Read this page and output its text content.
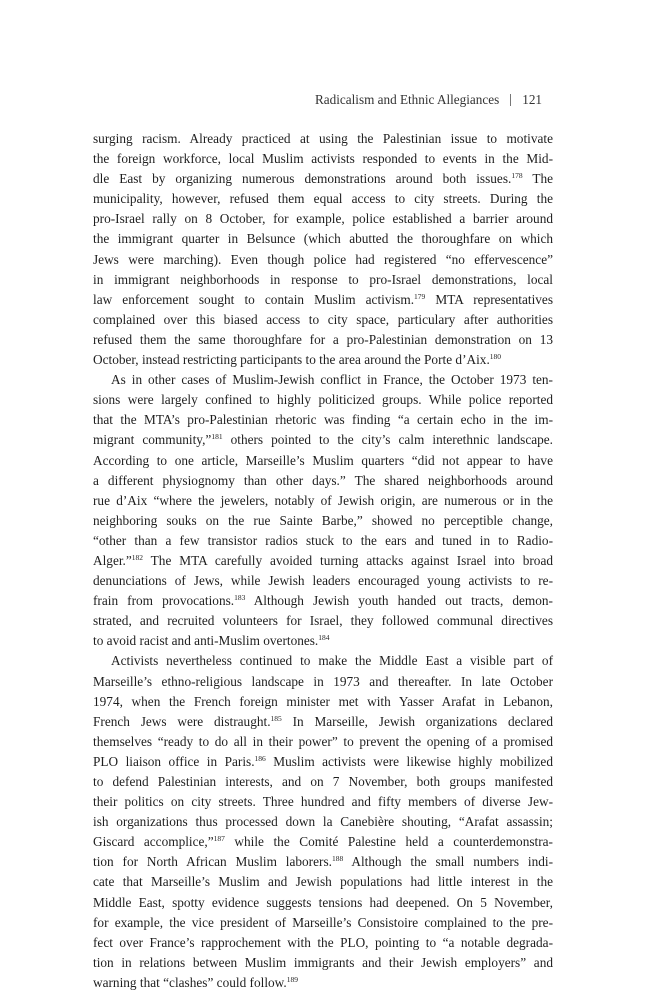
Radicalism and Ethnic Allegiances 121
surging racism. Already practiced at using the Palestinian issue to motivate
the foreign workforce, local Muslim activists responded to events in the Mid-
dle East by organizing numerous demonstrations around both issues.$^{178}$ The
municipality, however, refused them equal access to city streets. During the
pro-Israel rally on 8 October, for example, police established a barrier around
the immigrant quarter in Belsunce (which abutted the thoroughfare on which
Jews were marching). Even though police had registered “no effervescence”
in immigrant neighborhoods in response to pro-Israel demonstrations, local
law enforcement sought to contain Muslim activism.$^{179}$ MTA representatives
complained over this biased access to city space, particulary after authorities
refused them the same thoroughfare for a pro-Palestinian demonstration on 13
October, instead restricting participants to the area around the Porte d’Aix.$^{180}$
As in other cases of Muslim-Jewish conflict in France, the October 1973 ten-
sions were largely confined to highly politicized groups. While police reported
that the MTA’s pro-Palestinian rhetoric was finding “a certain echo in the im-
migrant community,”$^{181}$ others pointed to the city’s calm interethnic landscape.
According to one article, Marseille’s Muslim quarters “did not appear to have
a different physiognomy than other days.” The shared neighborhoods around
rue d’Aix “where the jewelers, notably of Jewish origin, are numerous or in the
neighboring souks on the rue Sainte Barbe,” showed no perceptible change,
“other than a few transistor radios stuck to the ears and tuned in to Radio-
Alger.”$^{182}$ The MTA carefully avoided turning attacks against Israel into broad
denunciations of Jews, while Jewish leaders encouraged young activists to re-
frain from provocations.$^{183}$ Although Jewish youth handed out tracts, demon-
strated, and recruited volunteers for Israel, they followed communal directives
to avoid racist and anti-Muslim overtones.$^{184}$
Activists nevertheless continued to make the Middle East a visible part of
Marseille’s ethno-religious landscape in 1973 and thereafter. In late October
1974, when the French foreign minister met with Yasser Arafat in Lebanon,
French Jews were distraught.$^{185}$ In Marseille, Jewish organizations declared
themselves “ready to do all in their power” to prevent the opening of a promised
PLO liaison office in Paris.$^{186}$ Muslim activists were likewise highly mobilized
to defend Palestinian interests, and on 7 November, both groups manifested
their politics on city streets. Three hundred and fifty members of diverse Jew-
ish organizations thus processed down la Canebière shouting, “Arafat assassin;
Giscard accomplice,”$^{187}$ while the Comité Palestine held a counterdemonstra-
tion for North African Muslim laborers.$^{188}$ Although the small numbers indi-
cate that Marseille’s Muslim and Jewish populations had little interest in the
Middle East, spotty evidence suggests tensions had deepened. On 5 November,
for example, the vice president of Marseille’s Consistoire complained to the pre-
fect over France’s rapprochement with the PLO, pointing to “a notable degrada-
tion in relations between Muslim immigrants and their Jewish employers” and
warning that “clashes” could follow.$^{189}$
